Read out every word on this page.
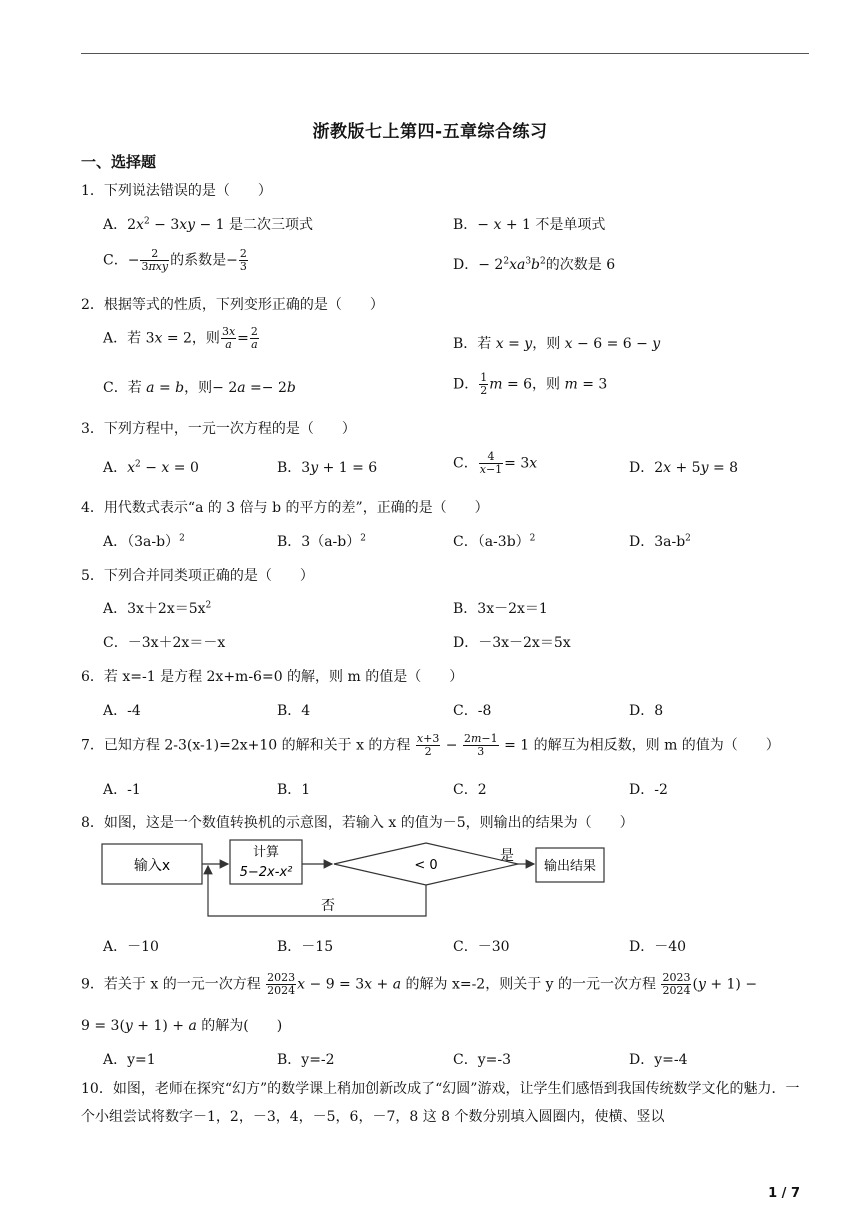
浙教版七上第四-五章综合练习
一、选择题
1．下列说法错误的是（　　）
A．$2x^2 - 3xy - 1$ 是二次三项式	B．− x + 1 不是单项式
C．− $\frac{2}{\text{3πxy}}$ 的系数是− $\frac{2}{3}$	D．− $2^2xa^3b^2$的次数是 6
2．根据等式的性质，下列变形正确的是（　　）
A．若 3x = 2，则 $\frac{3x}{a} = \frac{2}{a}$	B．若 x = y，则 x − 6 = 6 − y
C．若 a = b，则− 2a =− 2b	D． $\frac{1}{2}$ m = 6，则 m = 3
3．下列方程中，一元一次方程的是（　　）
A．$x^2 - x = 0$	B．3y + 1 = 6	C． $\frac{4}{x-1} = 3x$	D．2x + 5y = 8
4．用代数式表示“a 的 3 倍与 b 的平方的差”，正确的是（　　）
A．$(3a-b)^2$	B．$3(a-b)^2$	C．$(a-3b)^2$	D．$3a-b^2$
5．下列合并同类项正确的是（　　）
A．$3x+2x=5x^2$	B．3x－2x＝1
C．－3x＋2x＝－x	D．－3x－2x＝5x
6．若 x=-1 是方程 2x+m-6=0 的解，则 m 的值是（　　）
A．-4	B．4	C．-8	D．8
7．已知方程 2-3(x-1)=2x+10 的解和关于 x 的方程 $\frac{x+3}{2} - \frac{2m-1}{3} = 1$ 的解互为相反数，则 m 的值为（　　）
A．-1	B．1	C．2	D．-2
8．如图，这是一个数值转换机的示意图，若输入 x 的值为－5，则输出的结果为（　　）
输入x
计算
5−2x-x²	< 0
是
输出结果
否
A．－10	B．－15	C．－30	D．－40
9．若关于 x 的一元一次方程 $\frac{2023}{2024}$ x − 9 = 3x + a 的解为 x=-2，则关于 y 的一元一次方程 $\frac{2023}{2024} (y + 1)$ −
9 = 3(y + 1) + a 的解为(　　)
A．y=1	B．y=-2	C．y=-3	D．y=-4
10．如图，老师在探究“幻方”的数学课上稍加创新改成了“幻圆”游戏，让学生们感悟到我国传统数学文化的魅力．一个小组尝试将数字－1，2，－3，4，－5，6，－7，8 这 8 个数分别填入圆圈内，使横、竖以
1 / 7
